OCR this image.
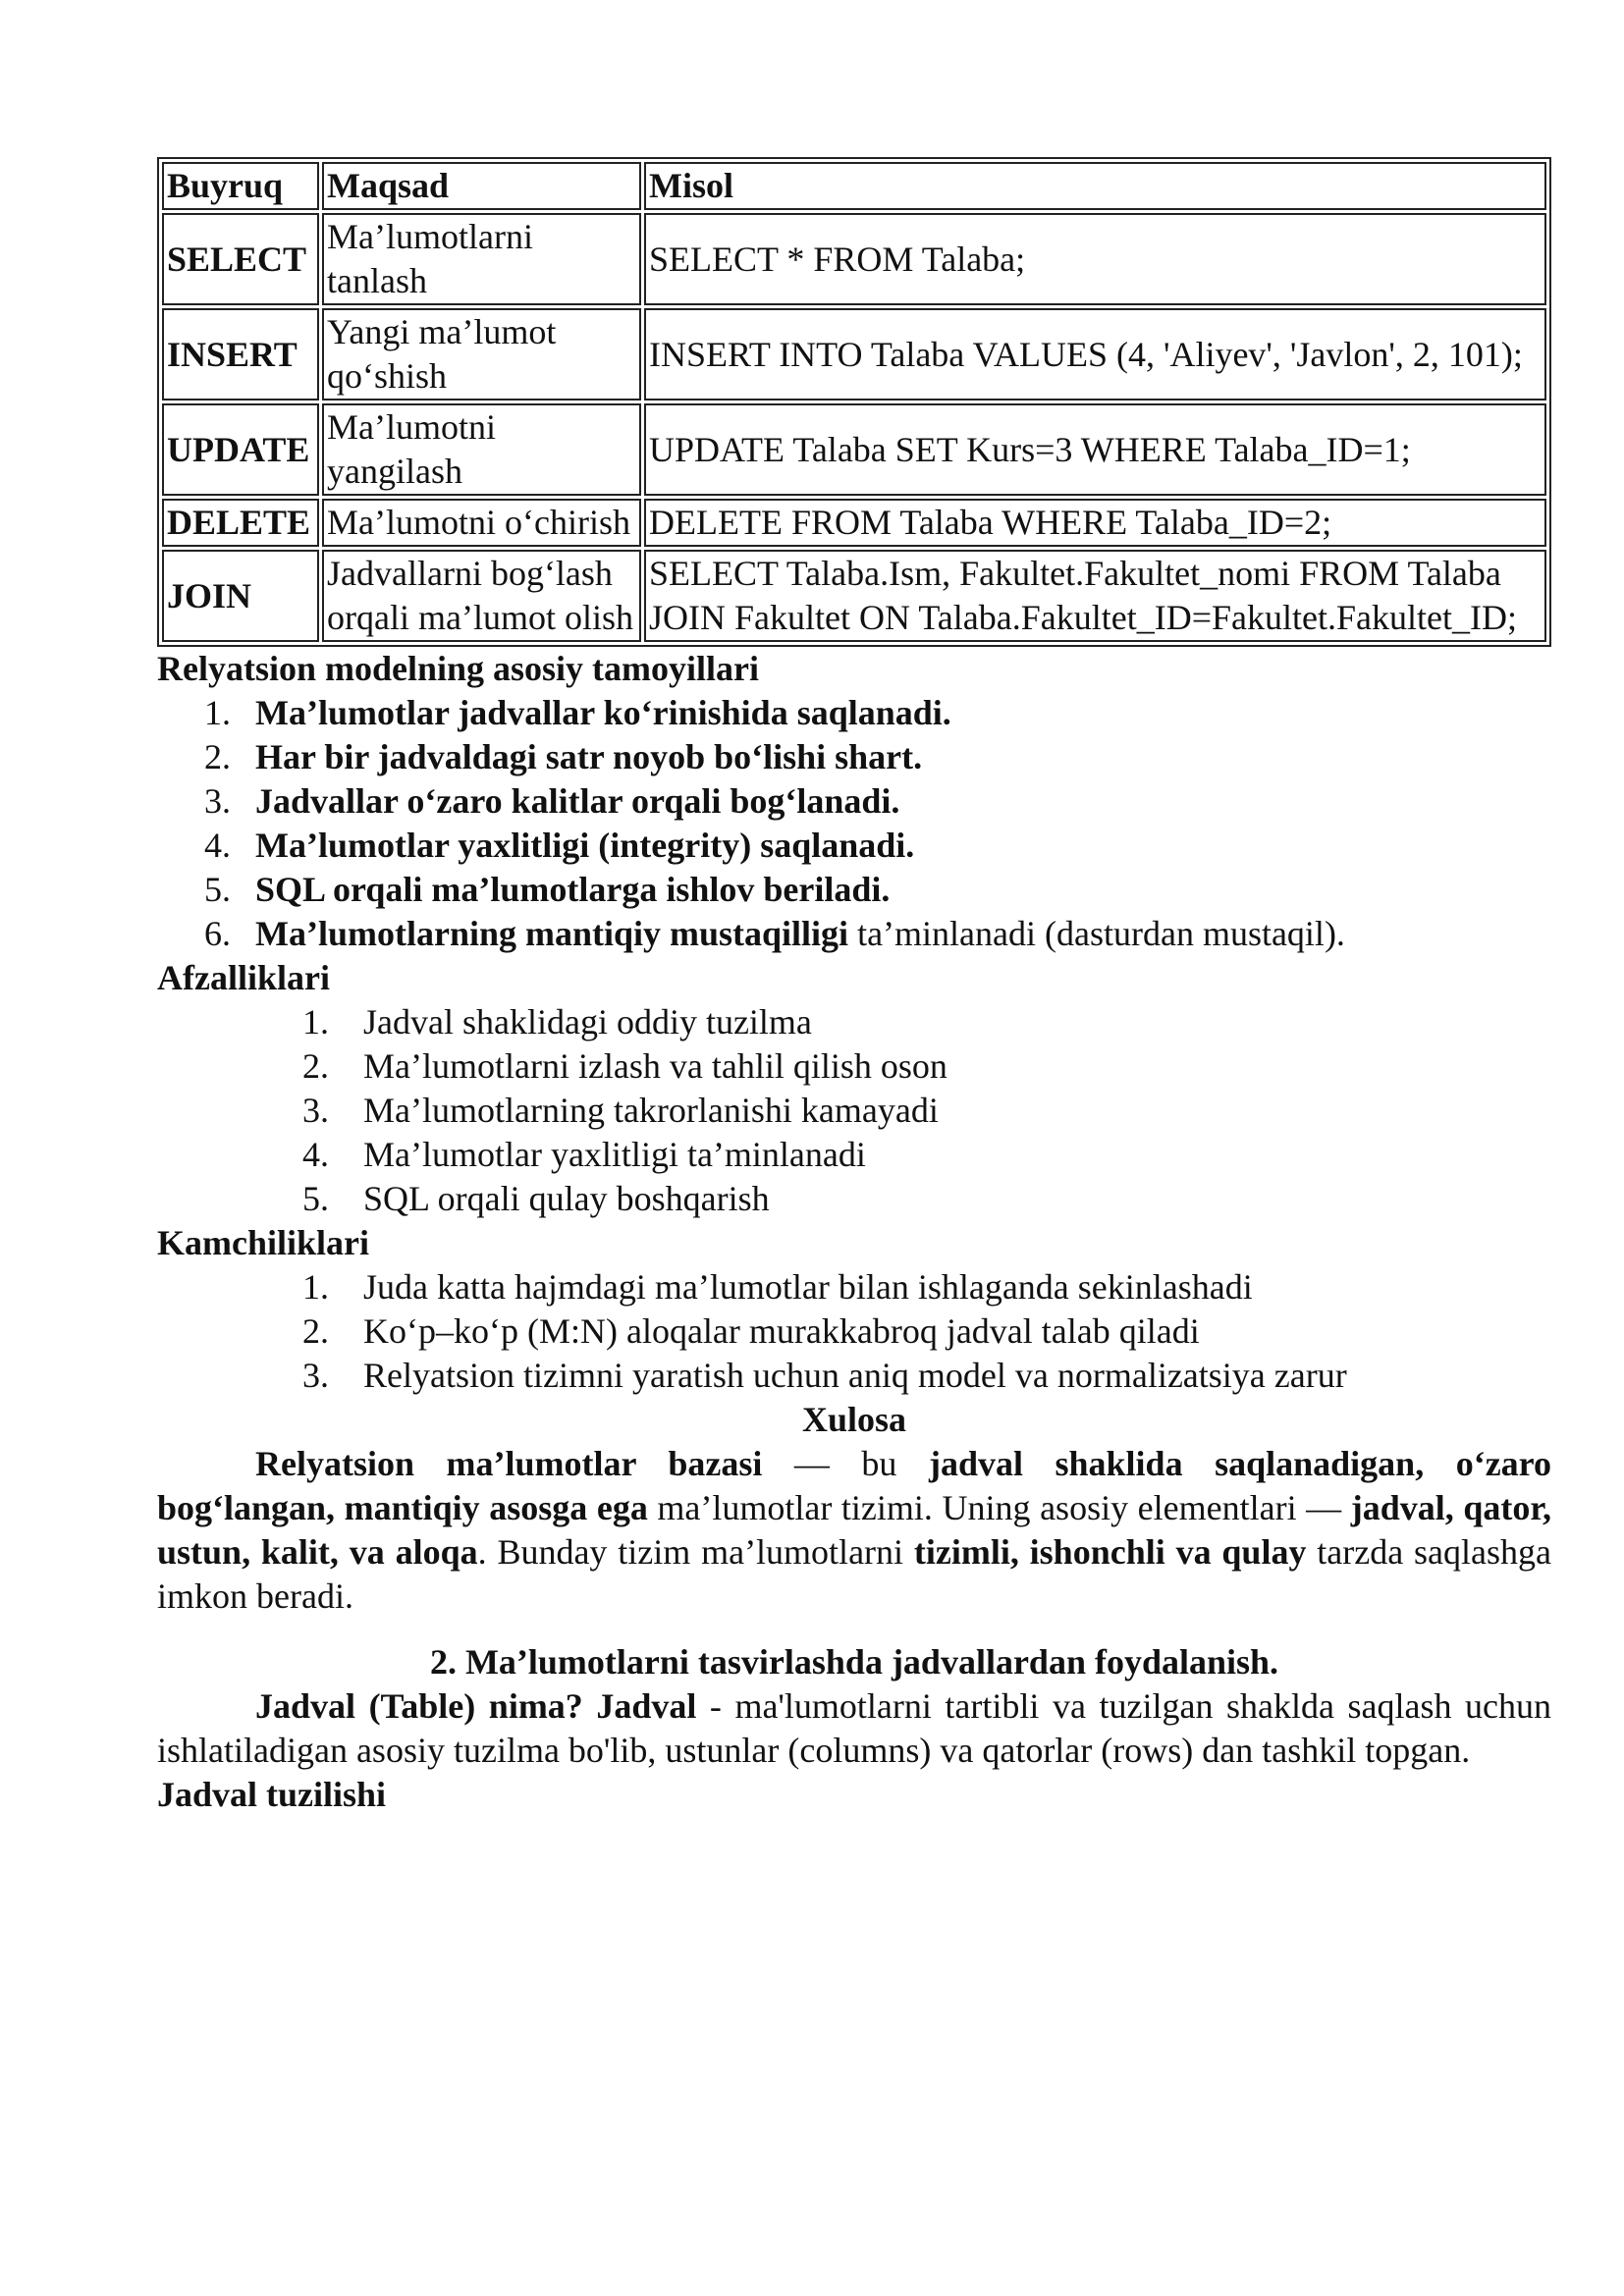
Buyruq	Maqsad	Misol
SELECT	Ma’lumotlarni tanlash	SELECT * FROM Talaba;
INSERT	Yangi ma’lumot qo‘shish	INSERT INTO Talaba VALUES (4, 'Aliyev', 'Javlon', 2, 101);
UPDATE	Ma’lumotni yangilash	UPDATE Talaba SET Kurs=3 WHERE Talaba_ID=1;
DELETE	Ma’lumotni o‘chirish	DELETE FROM Talaba WHERE Talaba_ID=2;
JOIN	Jadvallarni bog‘lash orqali ma’lumot olish	SELECT Talaba.Ism, Fakultet.Fakultet_nomi FROM Talaba JOIN Fakultet ON Talaba.Fakultet_ID=Fakultet.Fakultet_ID;

Relyatsion modelning asosiy tamoyillari

1. Ma’lumotlar jadvallar ko‘rinishida saqlanadi.
2. Har bir jadvaldagi satr noyob bo‘lishi shart.
3. Jadvallar o‘zaro kalitlar orqali bog‘lanadi.
4. Ma’lumotlar yaxlitligi (integrity) saqlanadi.
5. SQL orqali ma’lumotlarga ishlov beriladi.
6. Ma’lumotlarning mantiqiy mustaqilligi ta’minlanadi (dasturdan mustaqil).

Afzalliklari

1. Jadval shaklidagi oddiy tuzilma
2. Ma’lumotlarni izlash va tahlil qilish oson
3. Ma’lumotlarning takrorlanishi kamayadi
4. Ma’lumotlar yaxlitligi ta’minlanadi
5. SQL orqali qulay boshqarish

Kamchiliklari

1. Juda katta hajmdagi ma’lumotlar bilan ishlaganda sekinlashadi
2. Ko‘p–ko‘p (M:N) aloqalar murakkabroq jadval talab qiladi
3. Relyatsion tizimni yaratish uchun aniq model va normalizatsiya zarur

Xulosa

Relyatsion ma’lumotlar bazasi — bu jadval shaklida saqlanadigan, o‘zaro bog‘langan, mantiqiy asosga ega ma’lumotlar tizimi. Uning asosiy elementlari — jadval, qator, ustun, kalit, va aloqa. Bunday tizim ma’lumotlarni tizimli, ishonchli va qulay tarzda saqlashga imkon beradi.

2. Ma’lumotlarni tasvirlashda jadvallardan foydalanish.

Jadval (Table) nima? Jadval - ma'lumotlarni tartibli va tuzilgan shakldа saqlash uchun ishlatiladigan asosiy tuzilma bo'lib, ustunlar (columns) va qatorlar (rows) dan tashkil topgan.

Jadval tuzilishi
